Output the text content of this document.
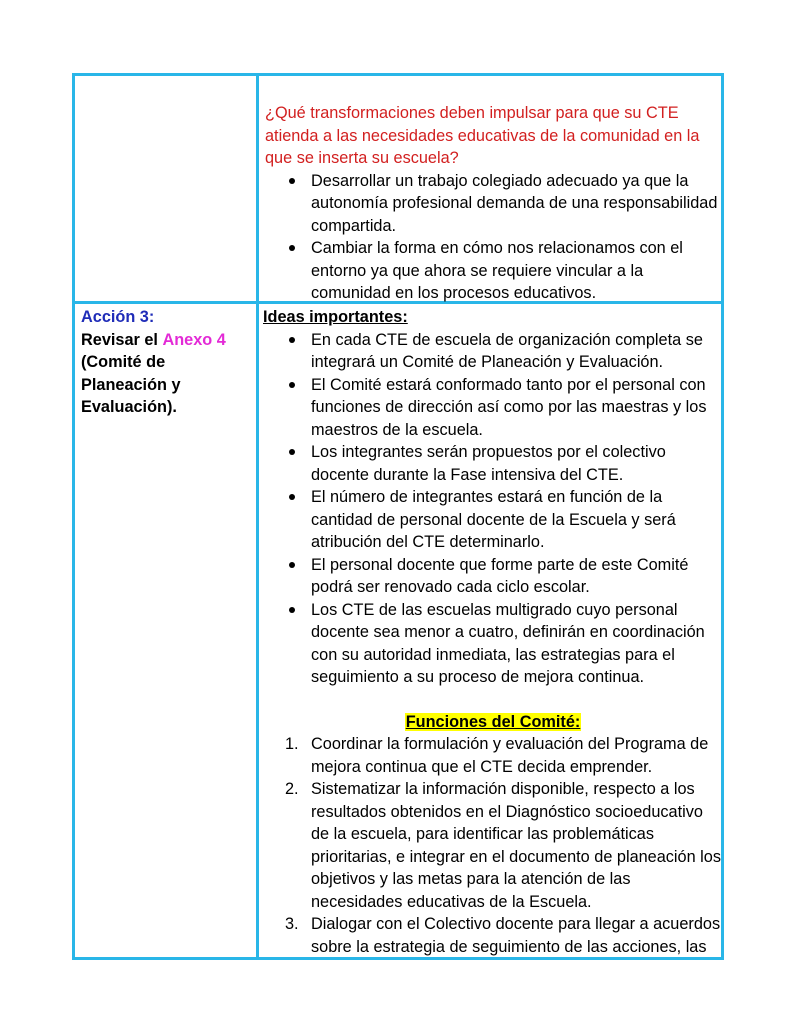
¿Qué transformaciones deben impulsar para que su CTE atienda a las necesidades educativas de la comunidad en la que se inserta su escuela?

Desarrollar un trabajo colegiado adecuado ya que la autonomía profesional demanda de una responsabilidad compartida.
Cambiar la forma en cómo nos relacionamos con el entorno ya que ahora se requiere vincular a la comunidad en los procesos educativos.
Acción 3:
Revisar el Anexo 4 (Comité de Planeación y Evaluación).
Ideas importantes:
En cada CTE de escuela de organización completa se integrará un Comité de Planeación y Evaluación.
El Comité estará conformado tanto por el personal con funciones de dirección así como por las maestras y los maestros de la escuela.
Los integrantes serán propuestos por el colectivo docente durante la Fase intensiva del CTE.
El número de integrantes estará en función de la cantidad de personal docente de la Escuela y será atribución del CTE determinarlo.
El personal docente que forme parte de este Comité podrá ser renovado cada ciclo escolar.
Los CTE de las escuelas multigrado cuyo personal docente sea menor a cuatro, definirán en coordinación con su autoridad inmediata, las estrategias para el seguimiento a su proceso de mejora continua.
Funciones del Comité:
1. Coordinar la formulación y evaluación del Programa de mejora continua que el CTE decida emprender.
2. Sistematizar la información disponible, respecto a los resultados obtenidos en el Diagnóstico socioeducativo de la escuela, para identificar las problemáticas prioritarias, e integrar en el documento de planeación los objetivos y las metas para la atención de las necesidades educativas de la Escuela.
3. Dialogar con el Colectivo docente para llegar a acuerdos sobre la estrategia de seguimiento de las acciones, las
